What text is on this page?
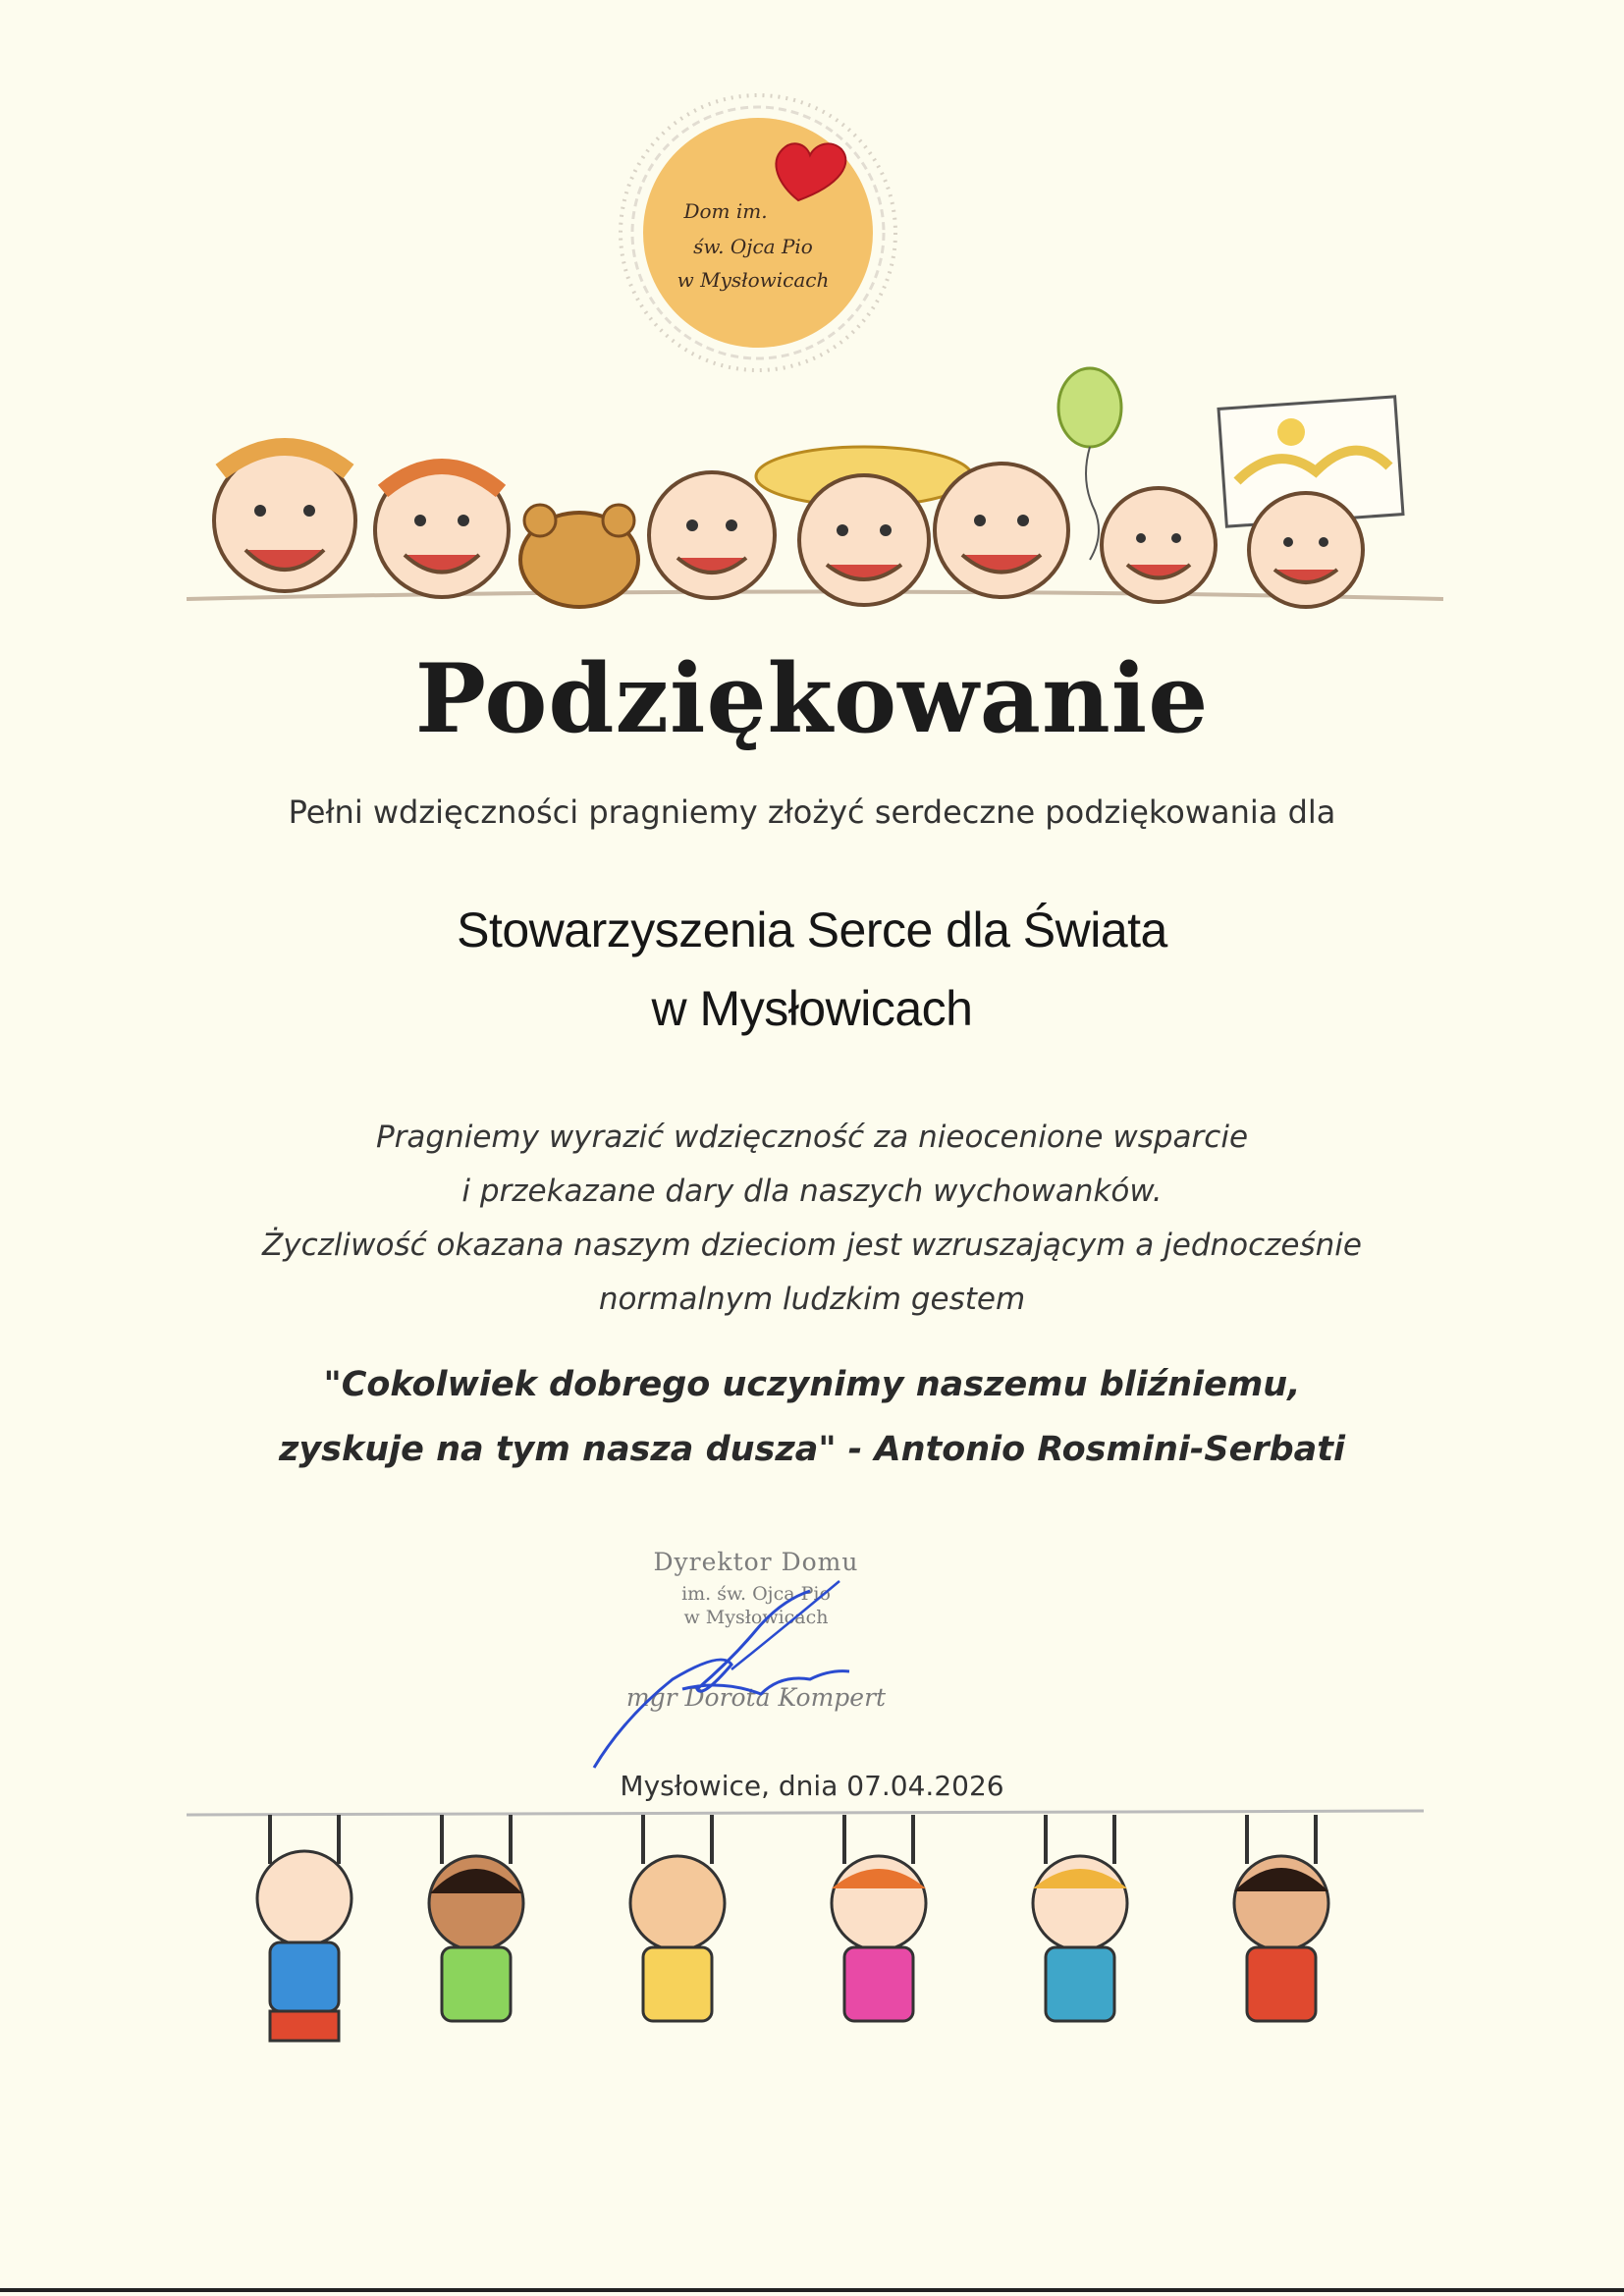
Dom im.
św. Ojca Pio
w Mysłowicach
Podziękowanie
Pełni wdzięczności pragniemy złożyć serdeczne podziękowania dla
Stowarzyszenia Serce dla Świata
w Mysłowicach
Pragniemy wyrazić wdzięczność za nieocenione wsparcie
i przekazane dary dla naszych wychowanków.
Życzliwość okazana naszym dzieciom jest wzruszającym a jednocześnie
normalnym ludzkim gestem
"Cokolwiek dobrego uczynimy naszemu bliźniemu,
zyskuje na tym nasza dusza" - Antonio Rosmini-Serbati
Dyrektor Domu
im. św. Ojca Pio
w Mysłowicach
mgr Dorota Kompert
Mysłowice, dnia 07.04.2026
